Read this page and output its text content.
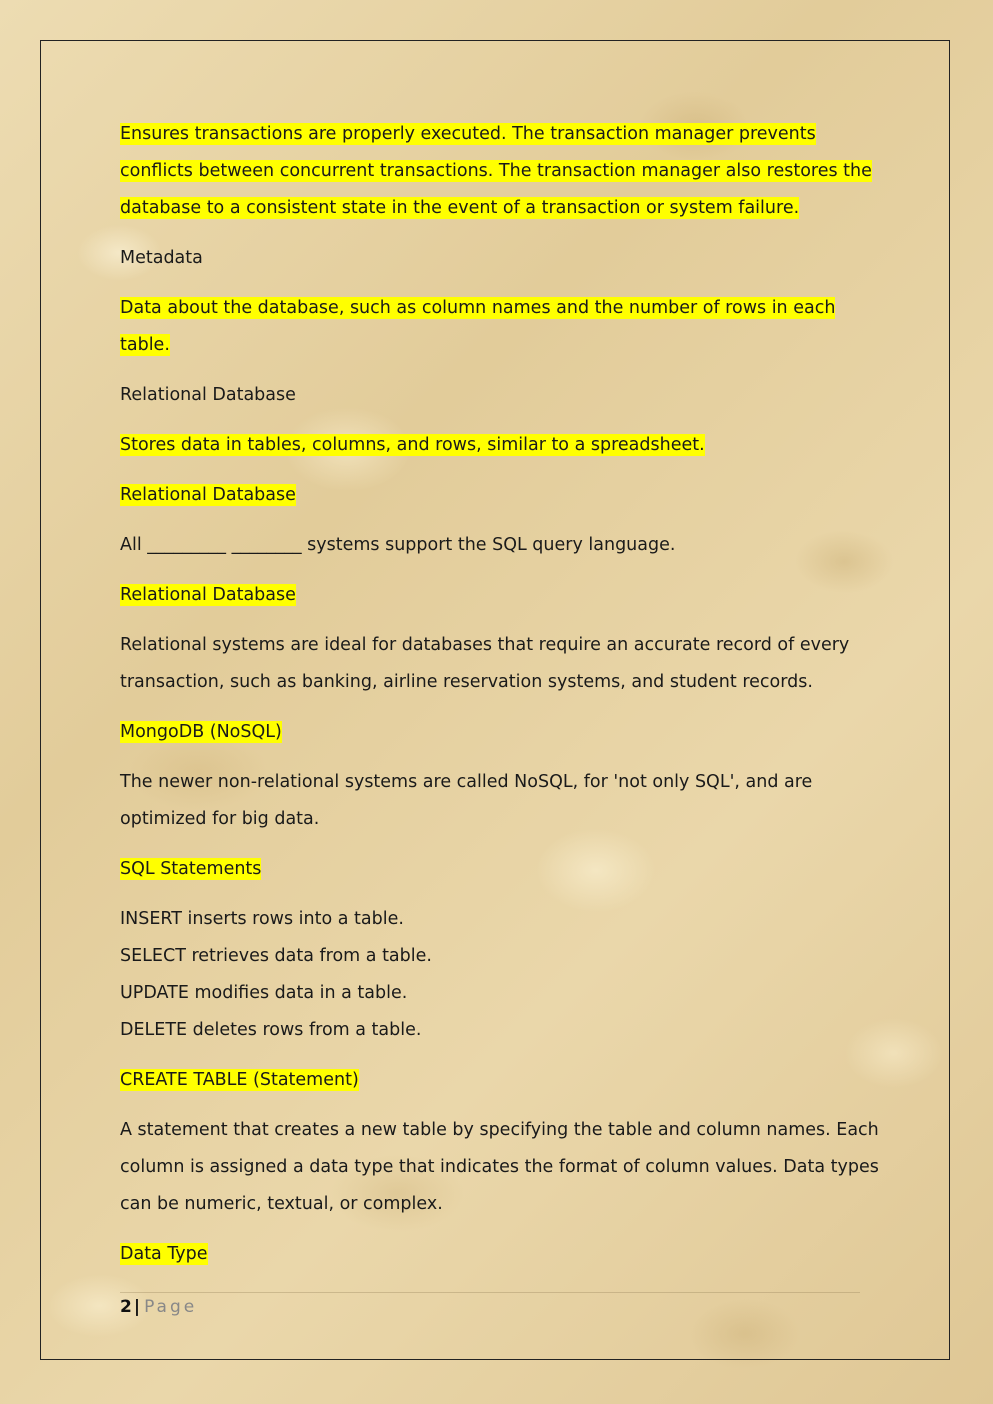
Ensures transactions are properly executed. The transaction manager prevents conflicts between concurrent transactions. The transaction manager also restores the database to a consistent state in the event of a transaction or system failure.
Metadata
Data about the database, such as column names and the number of rows in each table.
Relational Database
Stores data in tables, columns, and rows, similar to a spreadsheet.
Relational Database
All _________ ________ systems support the SQL query language.
Relational Database
Relational systems are ideal for databases that require an accurate record of every transaction, such as banking, airline reservation systems, and student records.
MongoDB (NoSQL)
The newer non-relational systems are called NoSQL, for 'not only SQL', and are optimized for big data.
SQL Statements
INSERT inserts rows into a table.
SELECT retrieves data from a table.
UPDATE modifies data in a table.
DELETE deletes rows from a table.
CREATE TABLE (Statement)
A statement that creates a new table by specifying the table and column names. Each column is assigned a data type that indicates the format of column values. Data types can be numeric, textual, or complex.
Data Type
2 | Page
